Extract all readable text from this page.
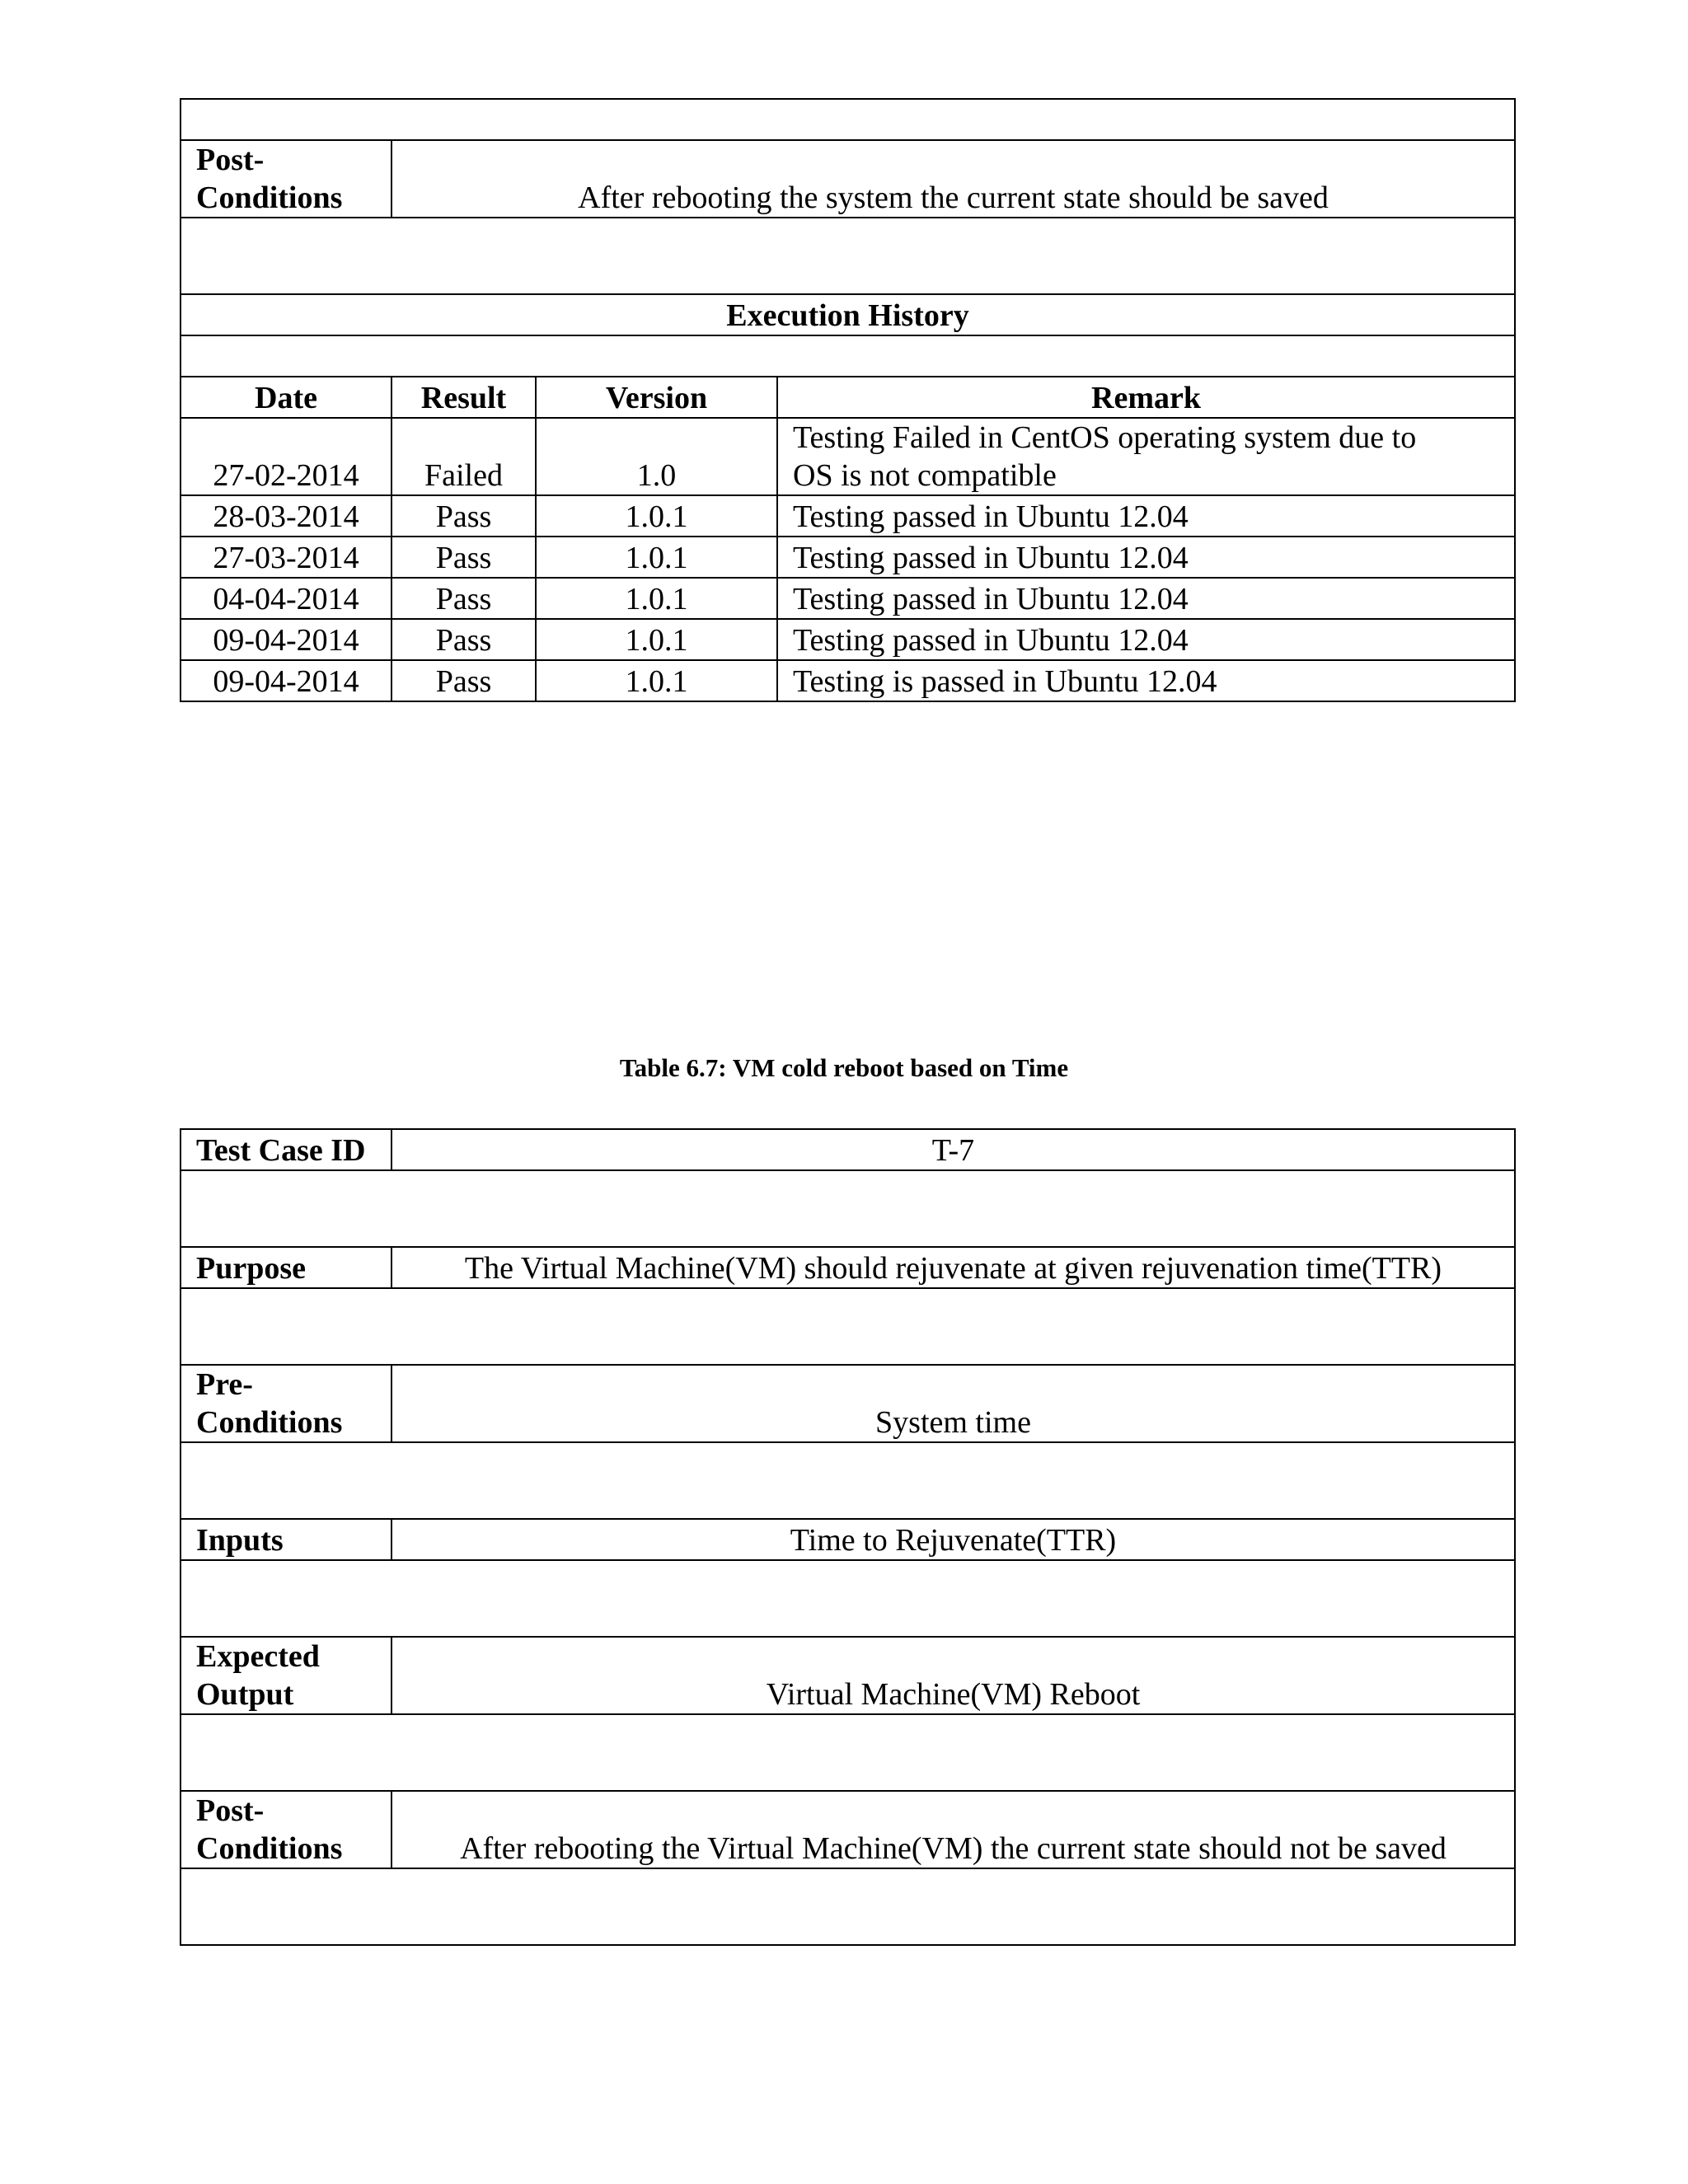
Post-
Conditions	After rebooting the system the current state should be saved		

Execution History			

Date	Result	Version	Remark
27-02-2014	Failed	1.0	Testing Failed in CentOS operating system due to
OS is not compatible

28-03-2014	Pass	1.0.1	Testing passed in Ubuntu 12.04
27-03-2014	Pass	1.0.1	Testing passed in Ubuntu 12.04
04-04-2014	Pass	1.0.1	Testing passed in Ubuntu 12.04
09-04-2014	Pass	1.0.1	Testing passed in Ubuntu 12.04
09-04-2014	Pass	1.0.1	Testing is passed in Ubuntu 12.04
Table 6.7: VM cold reboot based on Time
Test Case ID	T-7

Purpose	The Virtual Machine(VM) should rejuvenate at given rejuvenation time(TTR)

Pre-
Conditions	System time

Inputs	Time to Rejuvenate(TTR)

Expected
Output	Virtual Machine(VM) Reboot

Post-
Conditions	After rebooting the Virtual Machine(VM) the current state should not be saved
